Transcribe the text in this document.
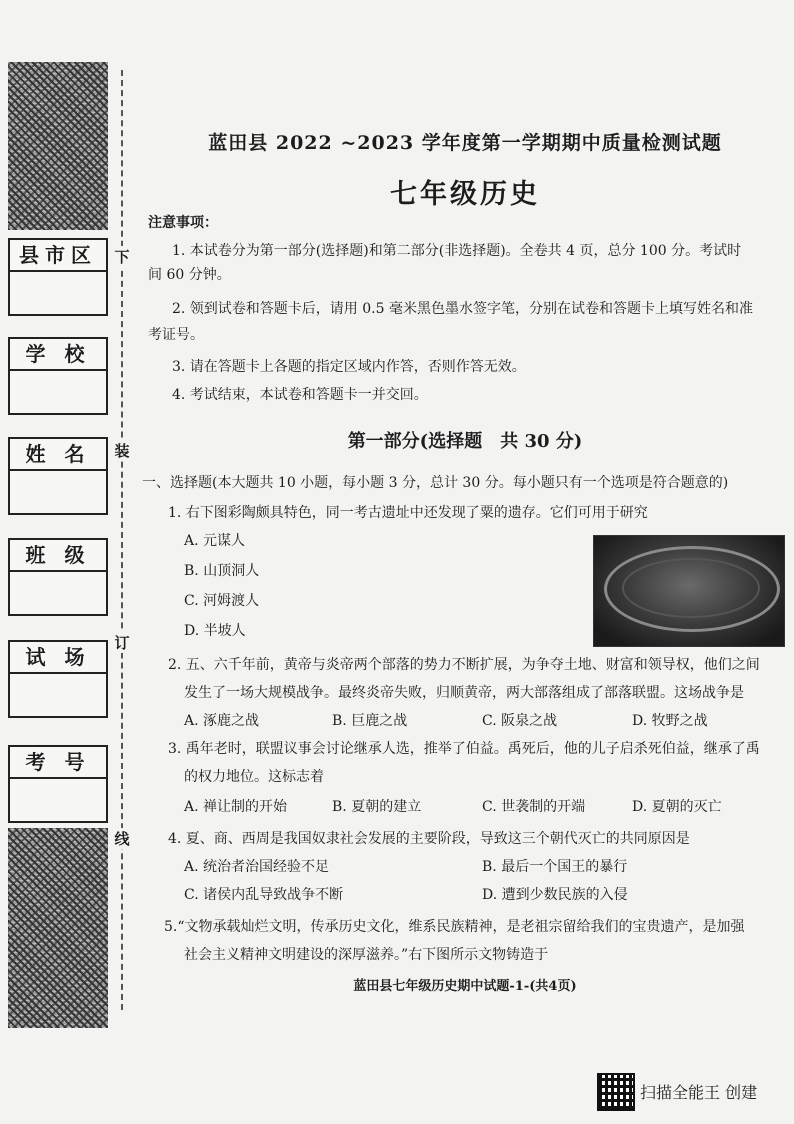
县市区
学 校
姓 名
班 级
试 场
考 号
下
装
订
线
蓝田县 2022 ~2023 学年度第一学期期中质量检测试题
七年级历史
注意事项：
1. 本试卷分为第一部分(选择题)和第二部分(非选择题)。全卷共 4 页，总分 100 分。考试时
间 60 分钟。
2. 领到试卷和答题卡后，请用 0.5 毫米黑色墨水签字笔，分别在试卷和答题卡上填写姓名和准
考证号。
3. 请在答题卡上各题的指定区域内作答，否则作答无效。
4. 考试结束，本试卷和答题卡一并交回。
第一部分(选择题　共 30 分)
一、选择题(本大题共 10 小题，每小题 3 分，总计 30 分。每小题只有一个选项是符合题意的)
1. 右下图彩陶颇具特色，同一考古遗址中还发现了粟的遗存。它们可用于研究
A. 元谋人
B. 山顶洞人
C. 河姆渡人
D. 半坡人
2. 五、六千年前，黄帝与炎帝两个部落的势力不断扩展，为争夺土地、财富和领导权，他们之间
发生了一场大规模战争。最终炎帝失败，归顺黄帝，两大部落组成了部落联盟。这场战争是
A. 涿鹿之战	B. 巨鹿之战	C. 阪泉之战	D. 牧野之战
3. 禹年老时，联盟议事会讨论继承人选，推举了伯益。禹死后，他的儿子启杀死伯益，继承了禹
的权力地位。这标志着
A. 禅让制的开始	B. 夏朝的建立	C. 世袭制的开端	D. 夏朝的灭亡
4. 夏、商、西周是我国奴隶社会发展的主要阶段，导致这三个朝代灭亡的共同原因是
A. 统治者治国经验不足	B. 最后一个国王的暴行
C. 诸侯内乱导致战争不断	D. 遭到少数民族的入侵
5.“文物承载灿烂文明，传承历史文化，维系民族精神，是老祖宗留给我们的宝贵遗产，是加强
社会主义精神文明建设的深厚滋养。”右下图所示文物铸造于
蓝田县七年级历史期中试题-1-(共4页)
扫描全能王 创建
